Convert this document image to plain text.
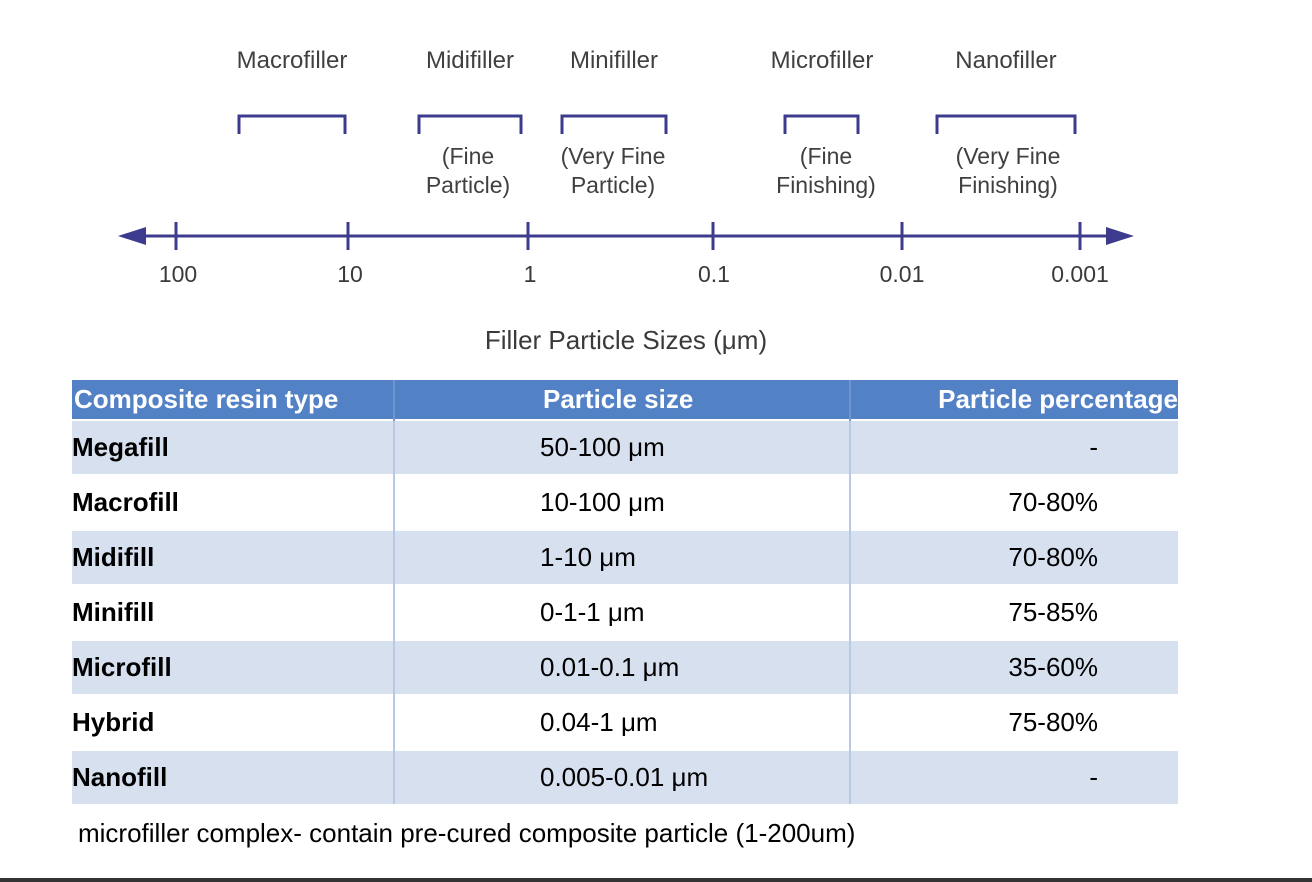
Macrofiller	Midifiller Minifiller	Microfiller	Nanofiller
(Fine
Particle)
(Very Fine
Particle)
(Fine
Finishing)
(Very Fine
Finishing)
100	10	1	0.1	0.01	0.001
Filler Particle Sizes (μm)
Composite resin type	Particle size	Particle percentage
Megafill	50-100 μm	-
Macrofill	10-100 μm	70-80%
Midifill	1-10 μm	70-80%
Minifill	0-1-1 μm	75-85%
Microfill	0.01-0.1 μm	35-60%
Hybrid	0.04-1 μm	75-80%
Nanofill	0.005-0.01 μm	-
microfiller complex- contain pre-cured composite particle (1-200um)
